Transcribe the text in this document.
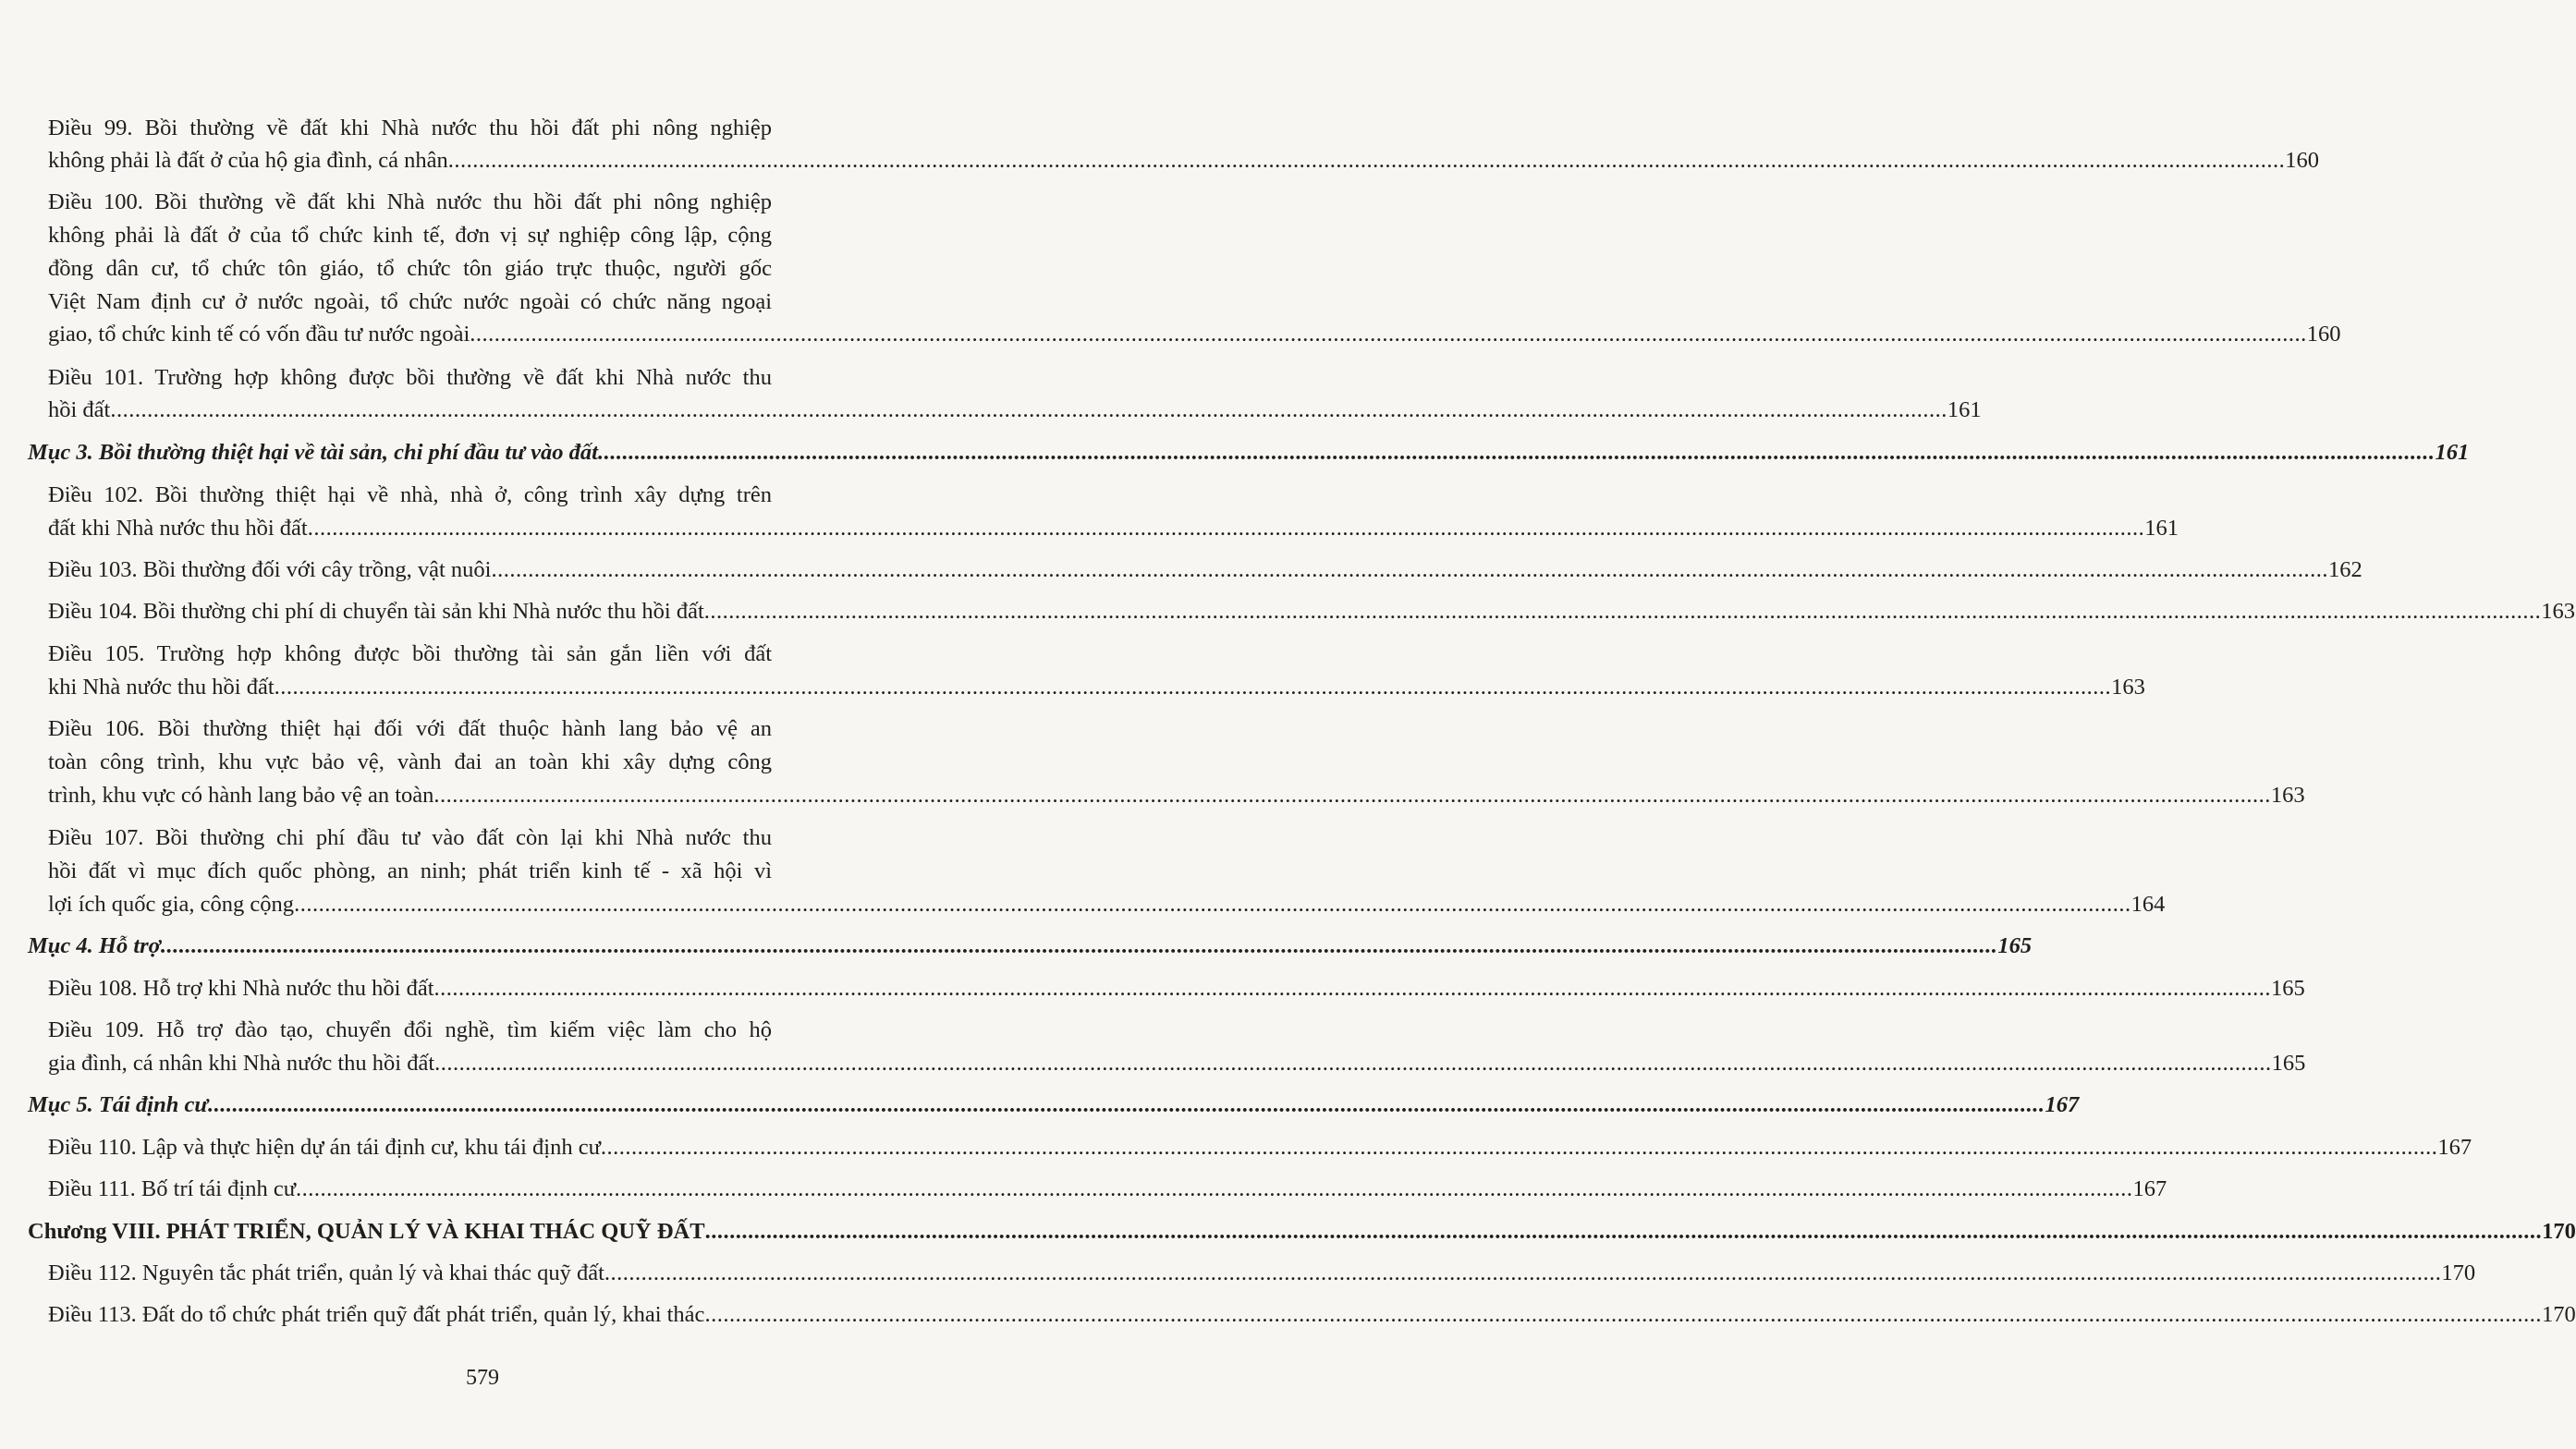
Điều 99. Bồi thường về đất khi Nhà nước thu hồi đất phi nông nghiệp
không phải là đất ở của hộ gia đình, cá nhân ............................................................................................................................................................................................................................................................................................................ 160
Điều 100. Bồi thường về đất khi Nhà nước thu hồi đất phi nông nghiệp
không phải là đất ở của tổ chức kinh tế, đơn vị sự nghiệp công lập, cộng
đồng dân cư, tổ chức tôn giáo, tổ chức tôn giáo trực thuộc, người gốc
Việt Nam định cư ở nước ngoài, tổ chức nước ngoài có chức năng ngoại
giao, tổ chức kinh tế có vốn đầu tư nước ngoài ............................................................................................................................................................................................................................................................................................................ 160
Điều 101. Trường hợp không được bồi thường về đất khi Nhà nước thu
hồi đất ............................................................................................................................................................................................................................................................................................................ 161
Mục 3. Bồi thường thiệt hại về tài sản, chi phí đầu tư vào đất ............................................................................................................................................................................................................................................................................................................ 161
Điều 102. Bồi thường thiệt hại về nhà, nhà ở, công trình xây dựng trên
đất khi Nhà nước thu hồi đất ............................................................................................................................................................................................................................................................................................................ 161
Điều 103. Bồi thường đối với cây trồng, vật nuôi ............................................................................................................................................................................................................................................................................................................ 162
Điều 104. Bồi thường chi phí di chuyển tài sản khi Nhà nước thu hồi đất ............................................................................................................................................................................................................................................................................................................ 163
Điều 105. Trường hợp không được bồi thường tài sản gắn liền với đất
khi Nhà nước thu hồi đất ............................................................................................................................................................................................................................................................................................................ 163
Điều 106. Bồi thường thiệt hại đối với đất thuộc hành lang bảo vệ an
toàn công trình, khu vực bảo vệ, vành đai an toàn khi xây dựng công
trình, khu vực có hành lang bảo vệ an toàn ............................................................................................................................................................................................................................................................................................................ 163
Điều 107. Bồi thường chi phí đầu tư vào đất còn lại khi Nhà nước thu
hồi đất vì mục đích quốc phòng, an ninh; phát triển kinh tế - xã hội vì
lợi ích quốc gia, công cộng ............................................................................................................................................................................................................................................................................................................ 164
Mục 4. Hỗ trợ ............................................................................................................................................................................................................................................................................................................ 165
Điều 108. Hỗ trợ khi Nhà nước thu hồi đất ............................................................................................................................................................................................................................................................................................................ 165
Điều 109. Hỗ trợ đào tạo, chuyển đổi nghề, tìm kiếm việc làm cho hộ
gia đình, cá nhân khi Nhà nước thu hồi đất ............................................................................................................................................................................................................................................................................................................ 165
Mục 5. Tái định cư ............................................................................................................................................................................................................................................................................................................ 167
Điều 110. Lập và thực hiện dự án tái định cư, khu tái định cư ............................................................................................................................................................................................................................................................................................................ 167
Điều 111. Bố trí tái định cư ............................................................................................................................................................................................................................................................................................................ 167
Chương VIII. PHÁT TRIỂN, QUẢN LÝ VÀ KHAI THÁC QUỸ ĐẤT ............................................................................................................................................................................................................................................................................................................ 170
Điều 112. Nguyên tắc phát triển, quản lý và khai thác quỹ đất ............................................................................................................................................................................................................................................................................................................ 170
Điều 113. Đất do tổ chức phát triển quỹ đất phát triển, quản lý, khai thác ............................................................................................................................................................................................................................................................................................................ 170
579
